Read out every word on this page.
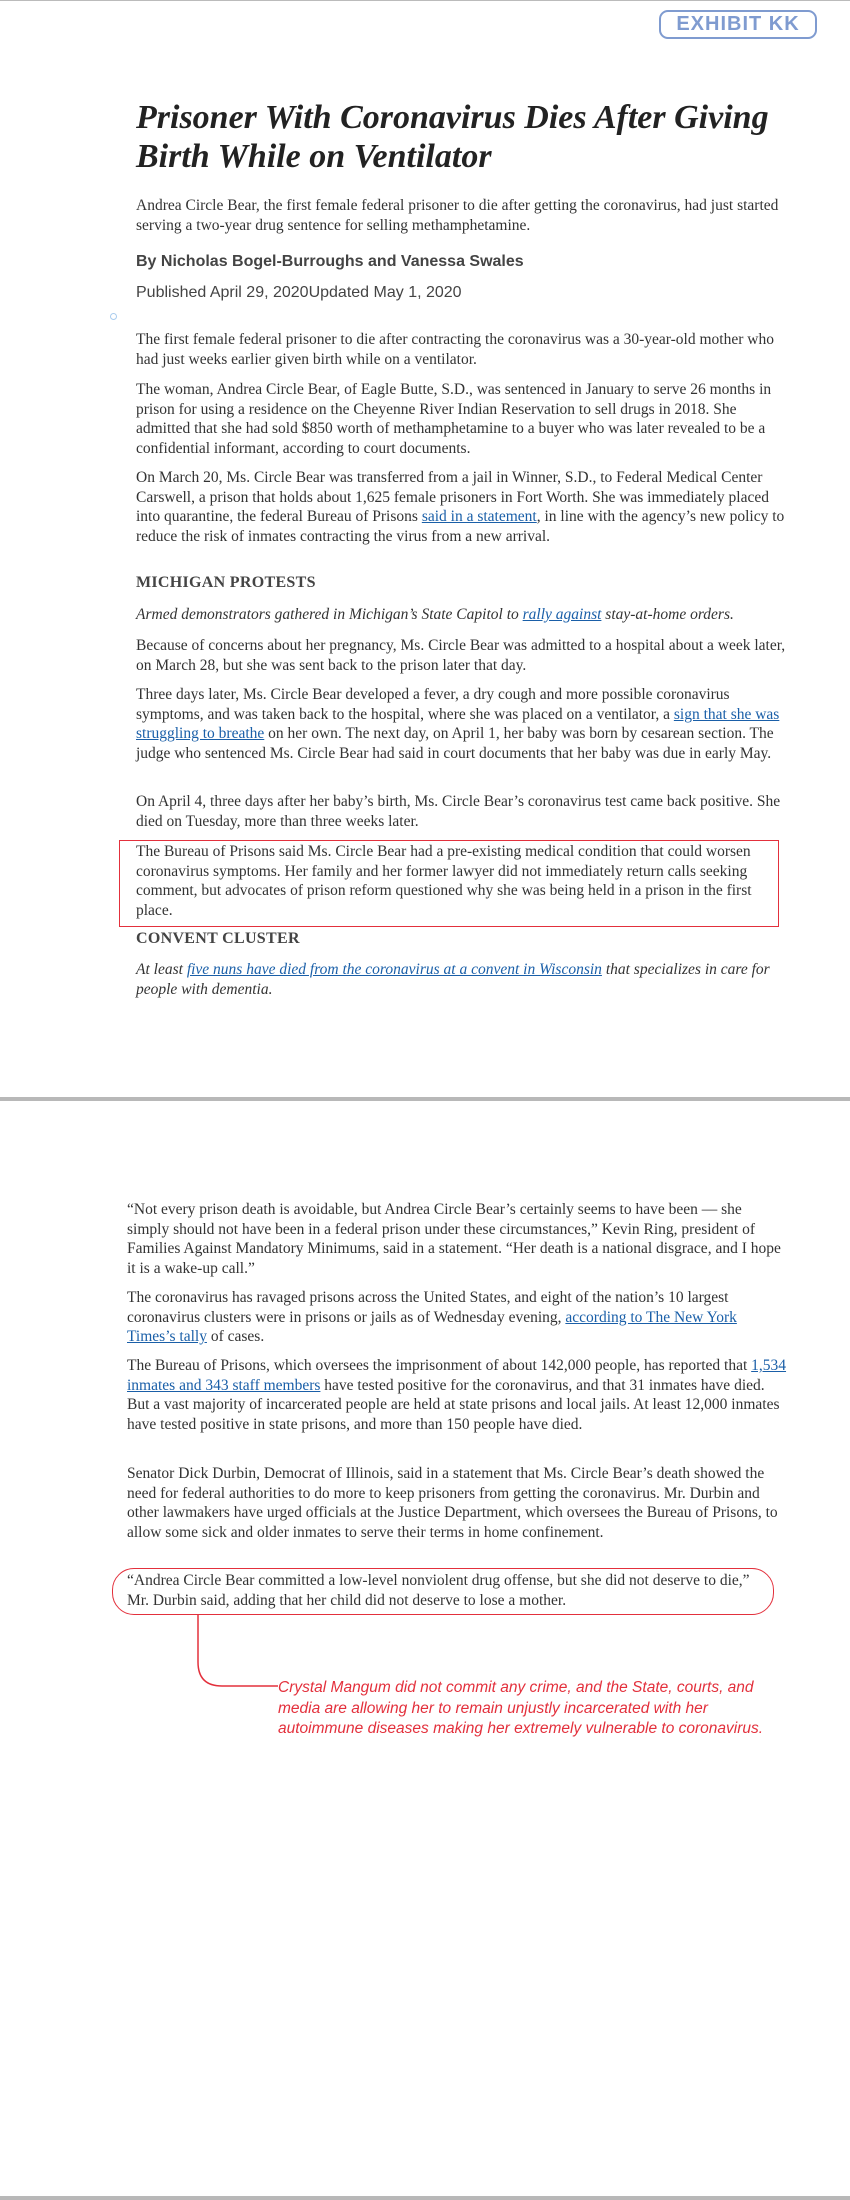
EXHIBIT KK
Prisoner With Coronavirus Dies After Giving Birth While on Ventilator
Andrea Circle Bear, the first female federal prisoner to die after getting the coronavirus, had just started serving a two-year drug sentence for selling methamphetamine.
By Nicholas Bogel-Burroughs and Vanessa Swales
Published April 29, 2020Updated May 1, 2020

The first female federal prisoner to die after contracting the coronavirus was a 30-year-old mother who had just weeks earlier given birth while on a ventilator.

The woman, Andrea Circle Bear, of Eagle Butte, S.D., was sentenced in January to serve 26 months in prison for using a residence on the Cheyenne River Indian Reservation to sell drugs in 2018. She admitted that she had sold $850 worth of methamphetamine to a buyer who was later revealed to be a confidential informant, according to court documents.

On March 20, Ms. Circle Bear was transferred from a jail in Winner, S.D., to Federal Medical Center Carswell, a prison that holds about 1,625 female prisoners in Fort Worth. She was immediately placed into quarantine, the federal Bureau of Prisons said in a statement, in line with the agency’s new policy to reduce the risk of inmates contracting the virus from a new arrival.

MICHIGAN PROTESTS

Armed demonstrators gathered in Michigan’s State Capitol to rally against stay-at-home orders.

Because of concerns about her pregnancy, Ms. Circle Bear was admitted to a hospital about a week later, on March 28, but she was sent back to the prison later that day.

Three days later, Ms. Circle Bear developed a fever, a dry cough and more possible coronavirus symptoms, and was taken back to the hospital, where she was placed on a ventilator, a sign that she was struggling to breathe on her own. The next day, on April 1, her baby was born by cesarean section. The judge who sentenced Ms. Circle Bear had said in court documents that her baby was due in early May.

On April 4, three days after her baby’s birth, Ms. Circle Bear’s coronavirus test came back positive. She died on Tuesday, more than three weeks later.

The Bureau of Prisons said Ms. Circle Bear had a pre-existing medical condition that could worsen coronavirus symptoms. Her family and her former lawyer did not immediately return calls seeking comment, but advocates of prison reform questioned why she was being held in a prison in the first place.

CONVENT CLUSTER

At least five nuns have died from the coronavirus at a convent in Wisconsin that specializes in care for people with dementia.

“Not every prison death is avoidable, but Andrea Circle Bear’s certainly seems to have been — she simply should not have been in a federal prison under these circumstances,” Kevin Ring, president of Families Against Mandatory Minimums, said in a statement. “Her death is a national disgrace, and I hope it is a wake-up call.”

The coronavirus has ravaged prisons across the United States, and eight of the nation’s 10 largest coronavirus clusters were in prisons or jails as of Wednesday evening, according to The New York Times’s tally of cases.

The Bureau of Prisons, which oversees the imprisonment of about 142,000 people, has reported that 1,534 inmates and 343 staff members have tested positive for the coronavirus, and that 31 inmates have died. But a vast majority of incarcerated people are held at state prisons and local jails. At least 12,000 inmates have tested positive in state prisons, and more than 150 people have died.

Senator Dick Durbin, Democrat of Illinois, said in a statement that Ms. Circle Bear’s death showed the need for federal authorities to do more to keep prisoners from getting the coronavirus. Mr. Durbin and other lawmakers have urged officials at the Justice Department, which oversees the Bureau of Prisons, to allow some sick and older inmates to serve their terms in home confinement.

“Andrea Circle Bear committed a low-level nonviolent drug offense, but she did not deserve to die,” Mr. Durbin said, adding that her child did not deserve to lose a mother.

Crystal Mangum did not commit any crime, and the State, courts, and media are allowing her to remain unjustly incarcerated with her autoimmune diseases making her extremely vulnerable to coronavirus.
